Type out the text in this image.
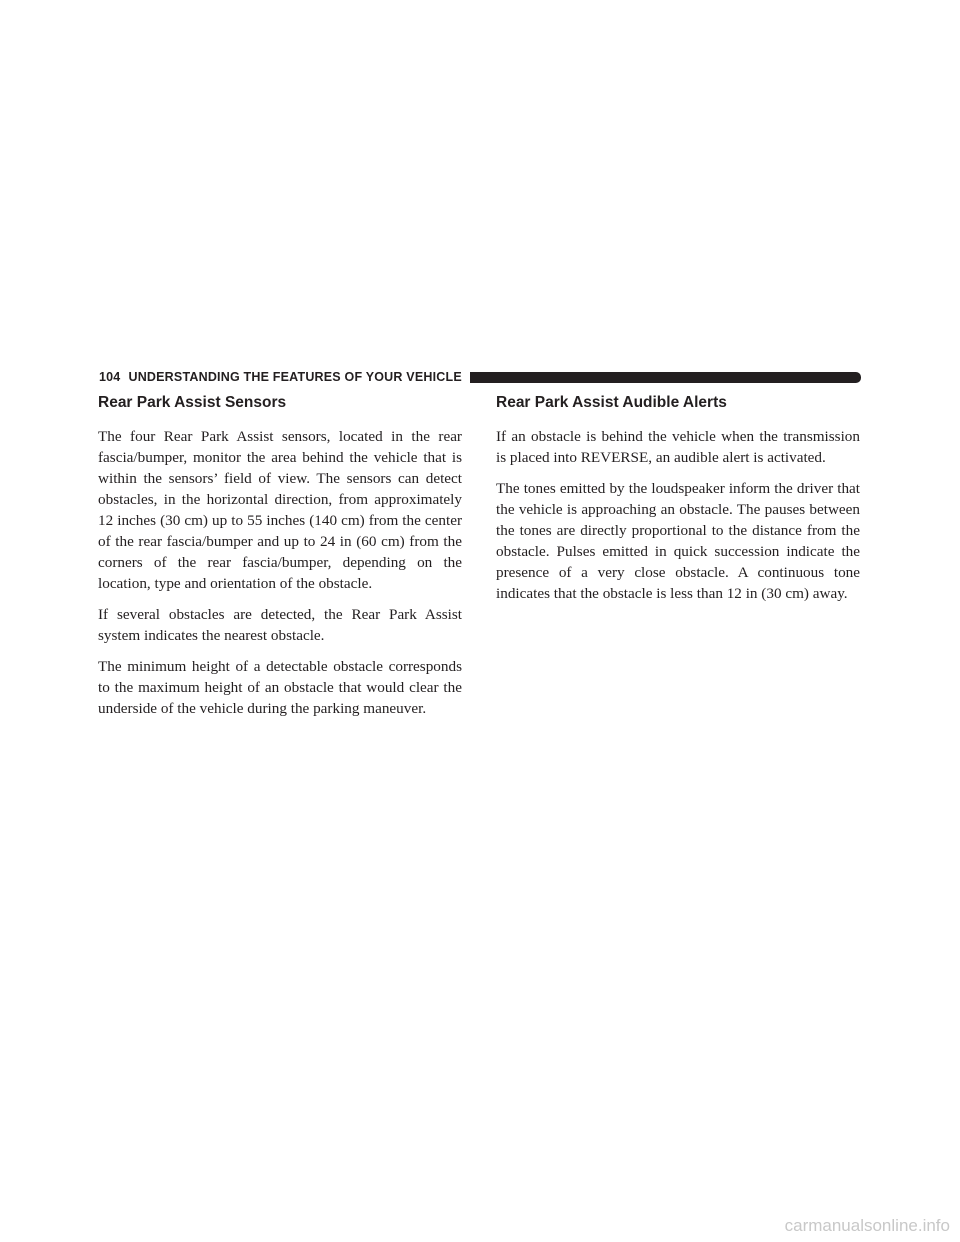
104 UNDERSTANDING THE FEATURES OF YOUR VEHICLE
Rear Park Assist Sensors

The four Rear Park Assist sensors, located in the rear fascia/bumper, monitor the area behind the vehicle that is within the sensors’ field of view. The sensors can detect obstacles, in the horizontal direction, from approximately 12 inches (30 cm) up to 55 inches (140 cm) from the center of the rear fascia/bumper and up to 24 in (60 cm) from the corners of the rear fascia/bumper, depending on the location, type and orientation of the obstacle.

If several obstacles are detected, the Rear Park Assist system indicates the nearest obstacle.

The minimum height of a detectable obstacle corresponds to the maximum height of an obstacle that would clear the underside of the vehicle during the parking maneuver.

Rear Park Assist Audible Alerts

If an obstacle is behind the vehicle when the transmission is placed into REVERSE, an audible alert is activated.

The tones emitted by the loudspeaker inform the driver that the vehicle is approaching an obstacle. The pauses between the tones are directly proportional to the distance from the obstacle. Pulses emitted in quick succession indicate the presence of a very close obstacle. A continuous tone indicates that the obstacle is less than 12 in (30 cm) away.

carmanualsonline.info
